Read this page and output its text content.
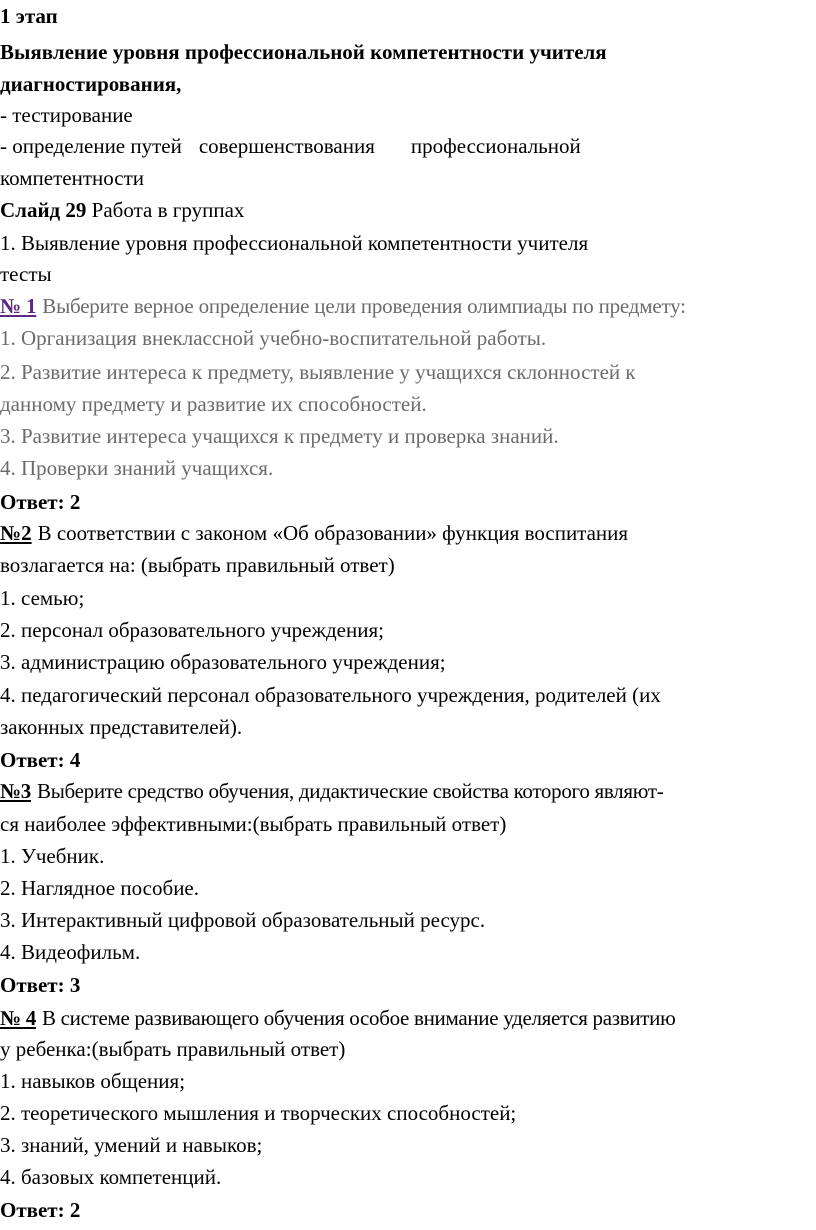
1 этап
Выявление уровня профессиональной компетентности учителя
диагностирования,
- тестирование
- определение путей совершенствования профессиональной
компетентности
Слайд 29 Работа в группах
1. Выявление уровня профессиональной компетентности учителя
тесты
№ 1 Выберите верное определение цели проведения олимпиады по предмету:
1. Организация внеклассной учебно-воспитательной работы.
2. Развитие интереса к предмету, выявление у учащихся склонностей к
данному предмету и развитие их способностей.
3. Развитие интереса учащихся к предмету и проверка знаний.
4. Проверки знаний учащихся.
Ответ: 2
№2 В соответствии с законом «Об образовании» функция воспитания
возлагается на: (выбрать правильный ответ)
1. семью;
2. персонал образовательного учреждения;
3. администрацию образовательного учреждения;
4. педагогический персонал образовательного учреждения, родителей (их
законных представителей).
Ответ: 4
№3 Выберите средство обучения, дидактические свойства которого являют-
ся наиболее эффективными:(выбрать правильный ответ)
1. Учебник.
2. Наглядное пособие.
3. Интерактивный цифровой образовательный ресурс.
4. Видеофильм.
Ответ: 3
№ 4 В системе развивающего обучения особое внимание уделяется развитию
у ребенка:(выбрать правильный ответ)
1. навыков общения;
2. теоретического мышления и творческих способностей;
3. знаний, умений и навыков;
4. базовых компетенций.
Ответ: 2
